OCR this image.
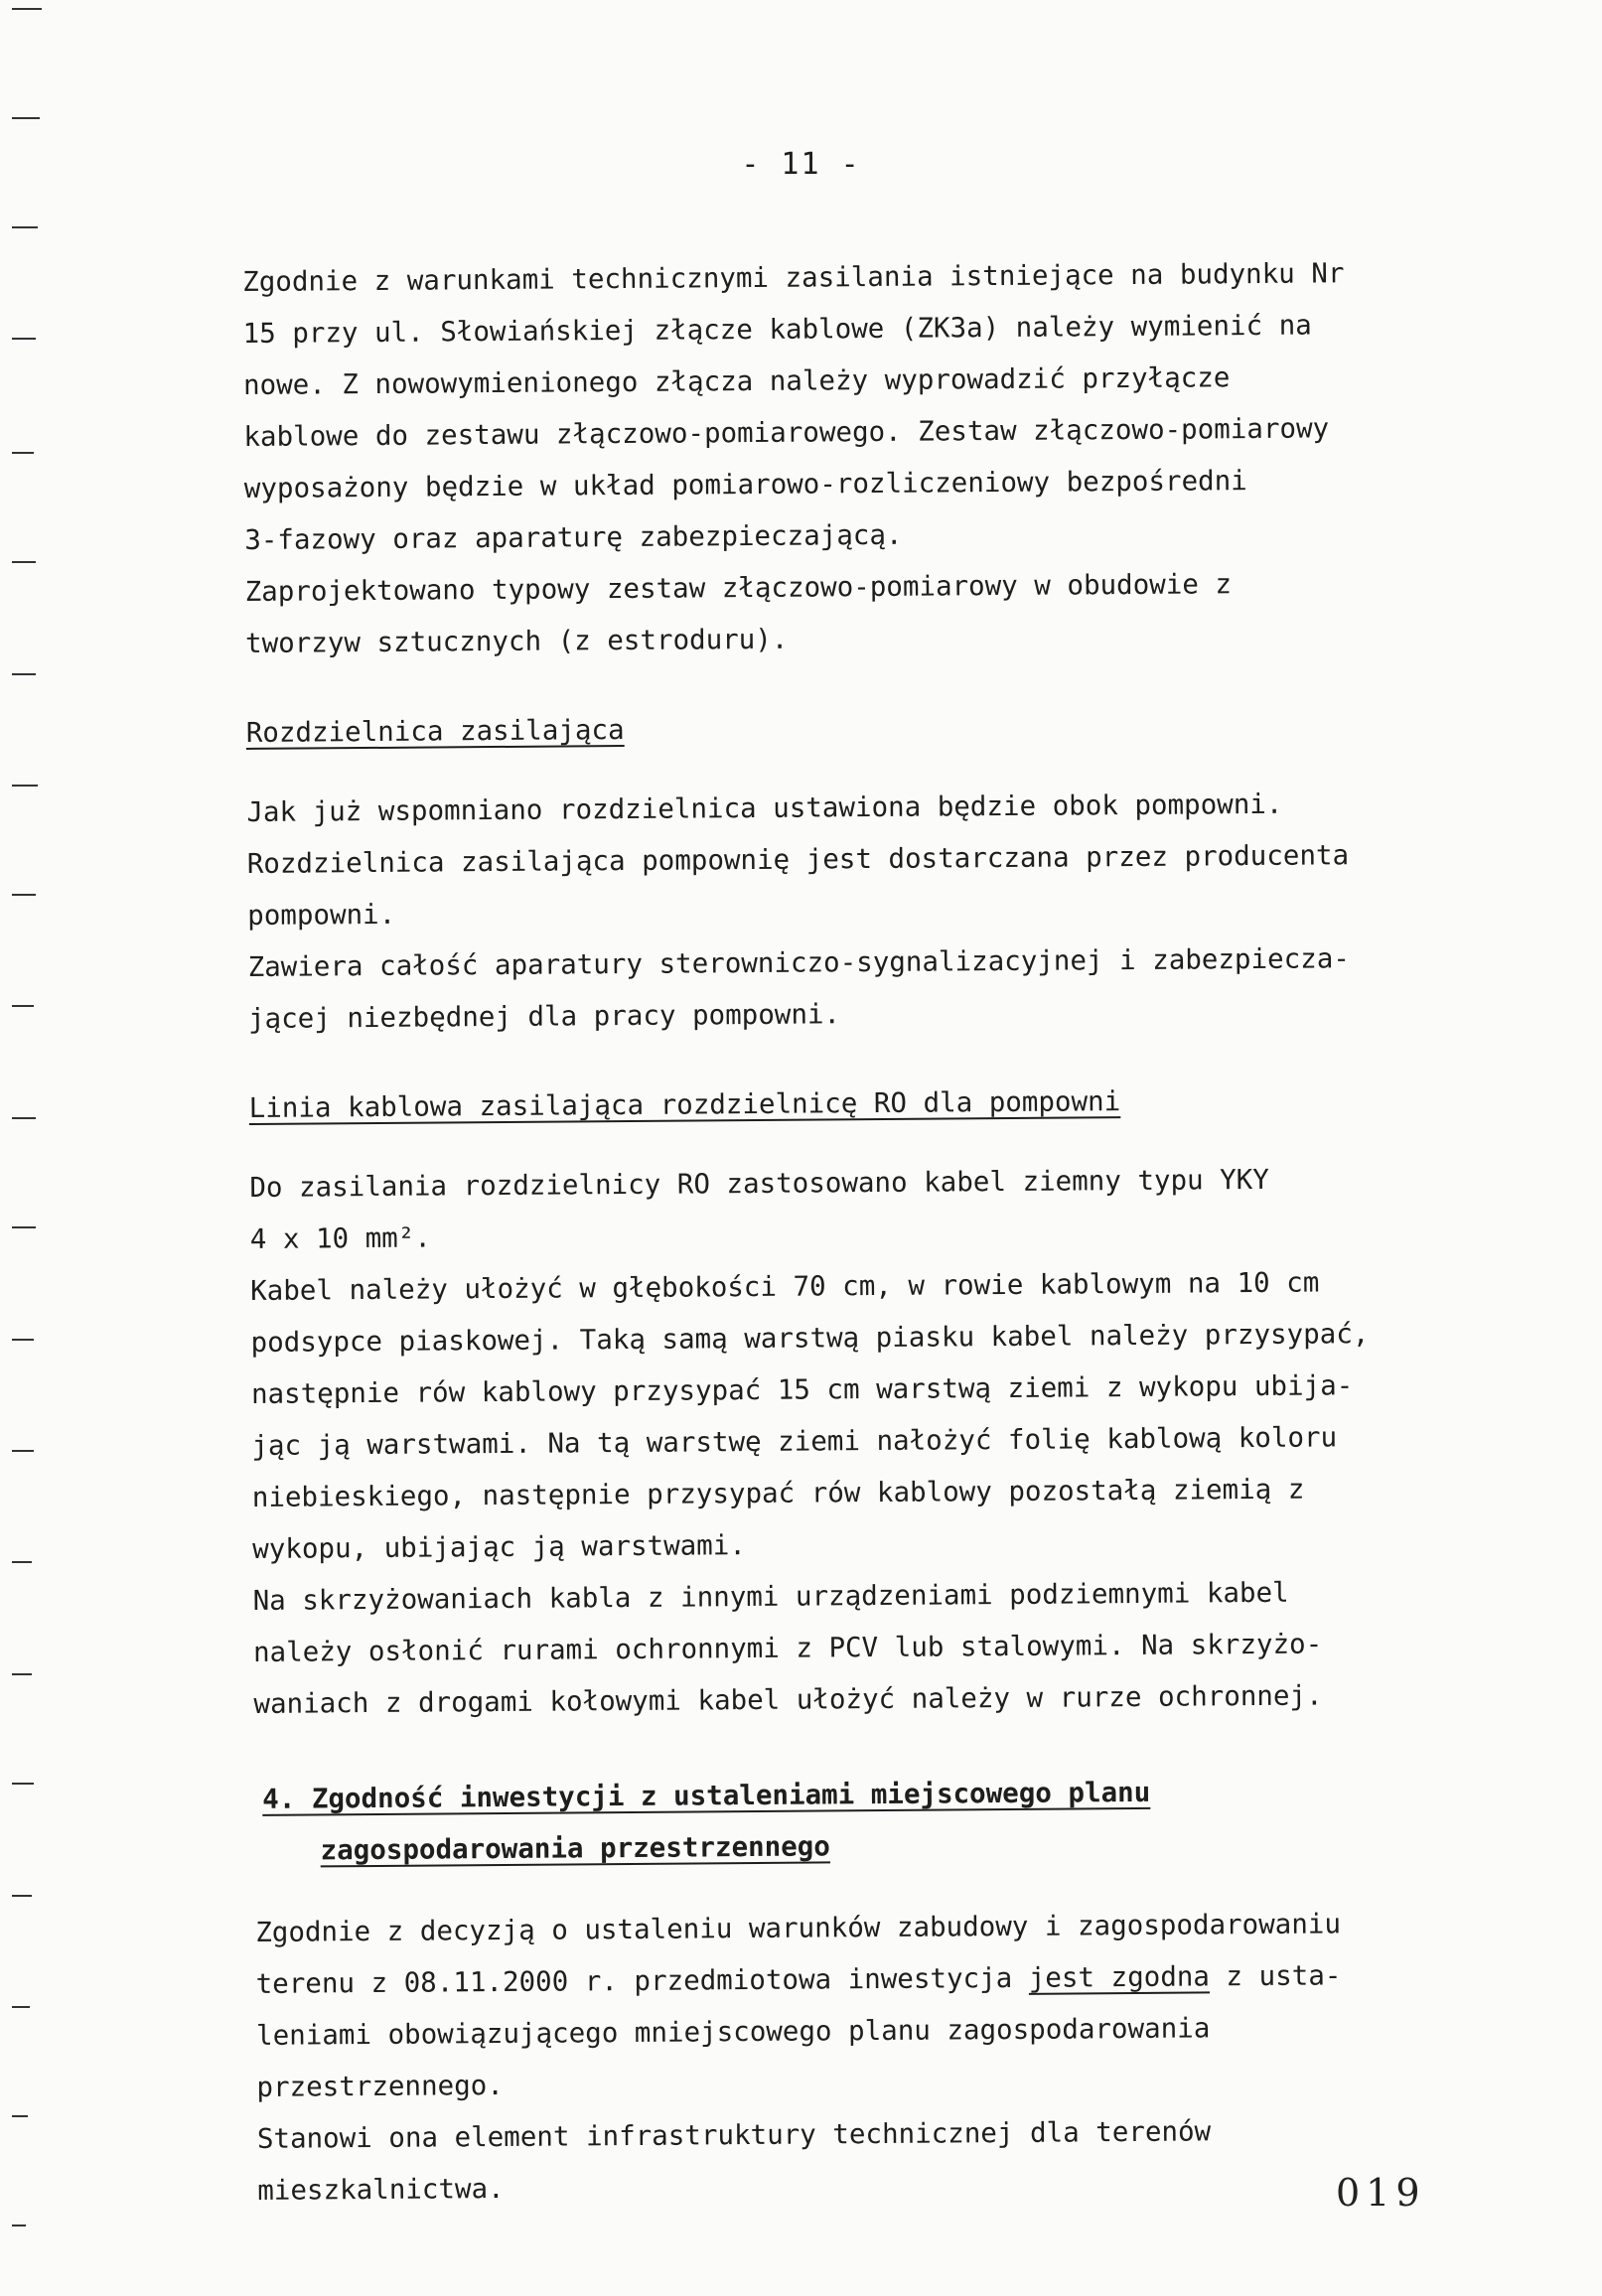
- 11 -

Zgodnie z warunkami technicznymi zasilania istniejące na budynku Nr
15 przy ul. Słowiańskiej złącze kablowe (ZK3a) należy wymienić na
nowe. Z nowowymienionego złącza należy wyprowadzić przyłącze
kablowe do zestawu złączowo-pomiarowego. Zestaw złączowo-pomiarowy
wyposażony będzie w układ pomiarowo-rozliczeniowy bezpośredni
3-fazowy oraz aparaturę zabezpieczającą.

Zaprojektowano typowy zestaw złączowo-pomiarowy w obudowie z
tworzyw sztucznych (z estroduru).

Rozdzielnica zasilająca

Jak już wspomniano rozdzielnica ustawiona będzie obok pompowni.
Rozdzielnica zasilająca pompownię jest dostarczana przez producenta
pompowni.

Zawiera całość aparatury sterowniczo-sygnalizacyjnej i zabezpiecza-
jącej niezbędnej dla pracy pompowni.

Linia kablowa zasilająca rozdzielnicę RO dla pompowni

Do zasilania rozdzielnicy RO zastosowano kabel ziemny typu YKY
4 x 10 mm².

Kabel należy ułożyć w głębokości 70 cm, w rowie kablowym na 10 cm
podsypce piaskowej. Taką samą warstwą piasku kabel należy przysypać,
następnie rów kablowy przysypać 15 cm warstwą ziemi z wykopu ubija-
jąc ją warstwami. Na tą warstwę ziemi nałożyć folię kablową koloru
niebieskiego, następnie przysypać rów kablowy pozostałą ziemią z
wykopu, ubijając ją warstwami.

Na skrzyżowaniach kabla z innymi urządzeniami podziemnymi kabel
należy osłonić rurami ochronnymi z PCV lub stalowymi. Na skrzyżo-
waniach z drogami kołowymi kabel ułożyć należy w rurze ochronnej.

4. Zgodność inwestycji z ustaleniami miejscowego planu
zagospodarowania przestrzennego

Zgodnie z decyzją o ustaleniu warunków zabudowy i zagospodarowaniu
terenu z 08.11.2000 r. przedmiotowa inwestycja jest zgodna z usta-
leniami obowiązującego mniejscowego planu zagospodarowania
przestrzennego.

Stanowi ona element infrastruktury technicznej dla terenów
mieszkalnictwa.	019
